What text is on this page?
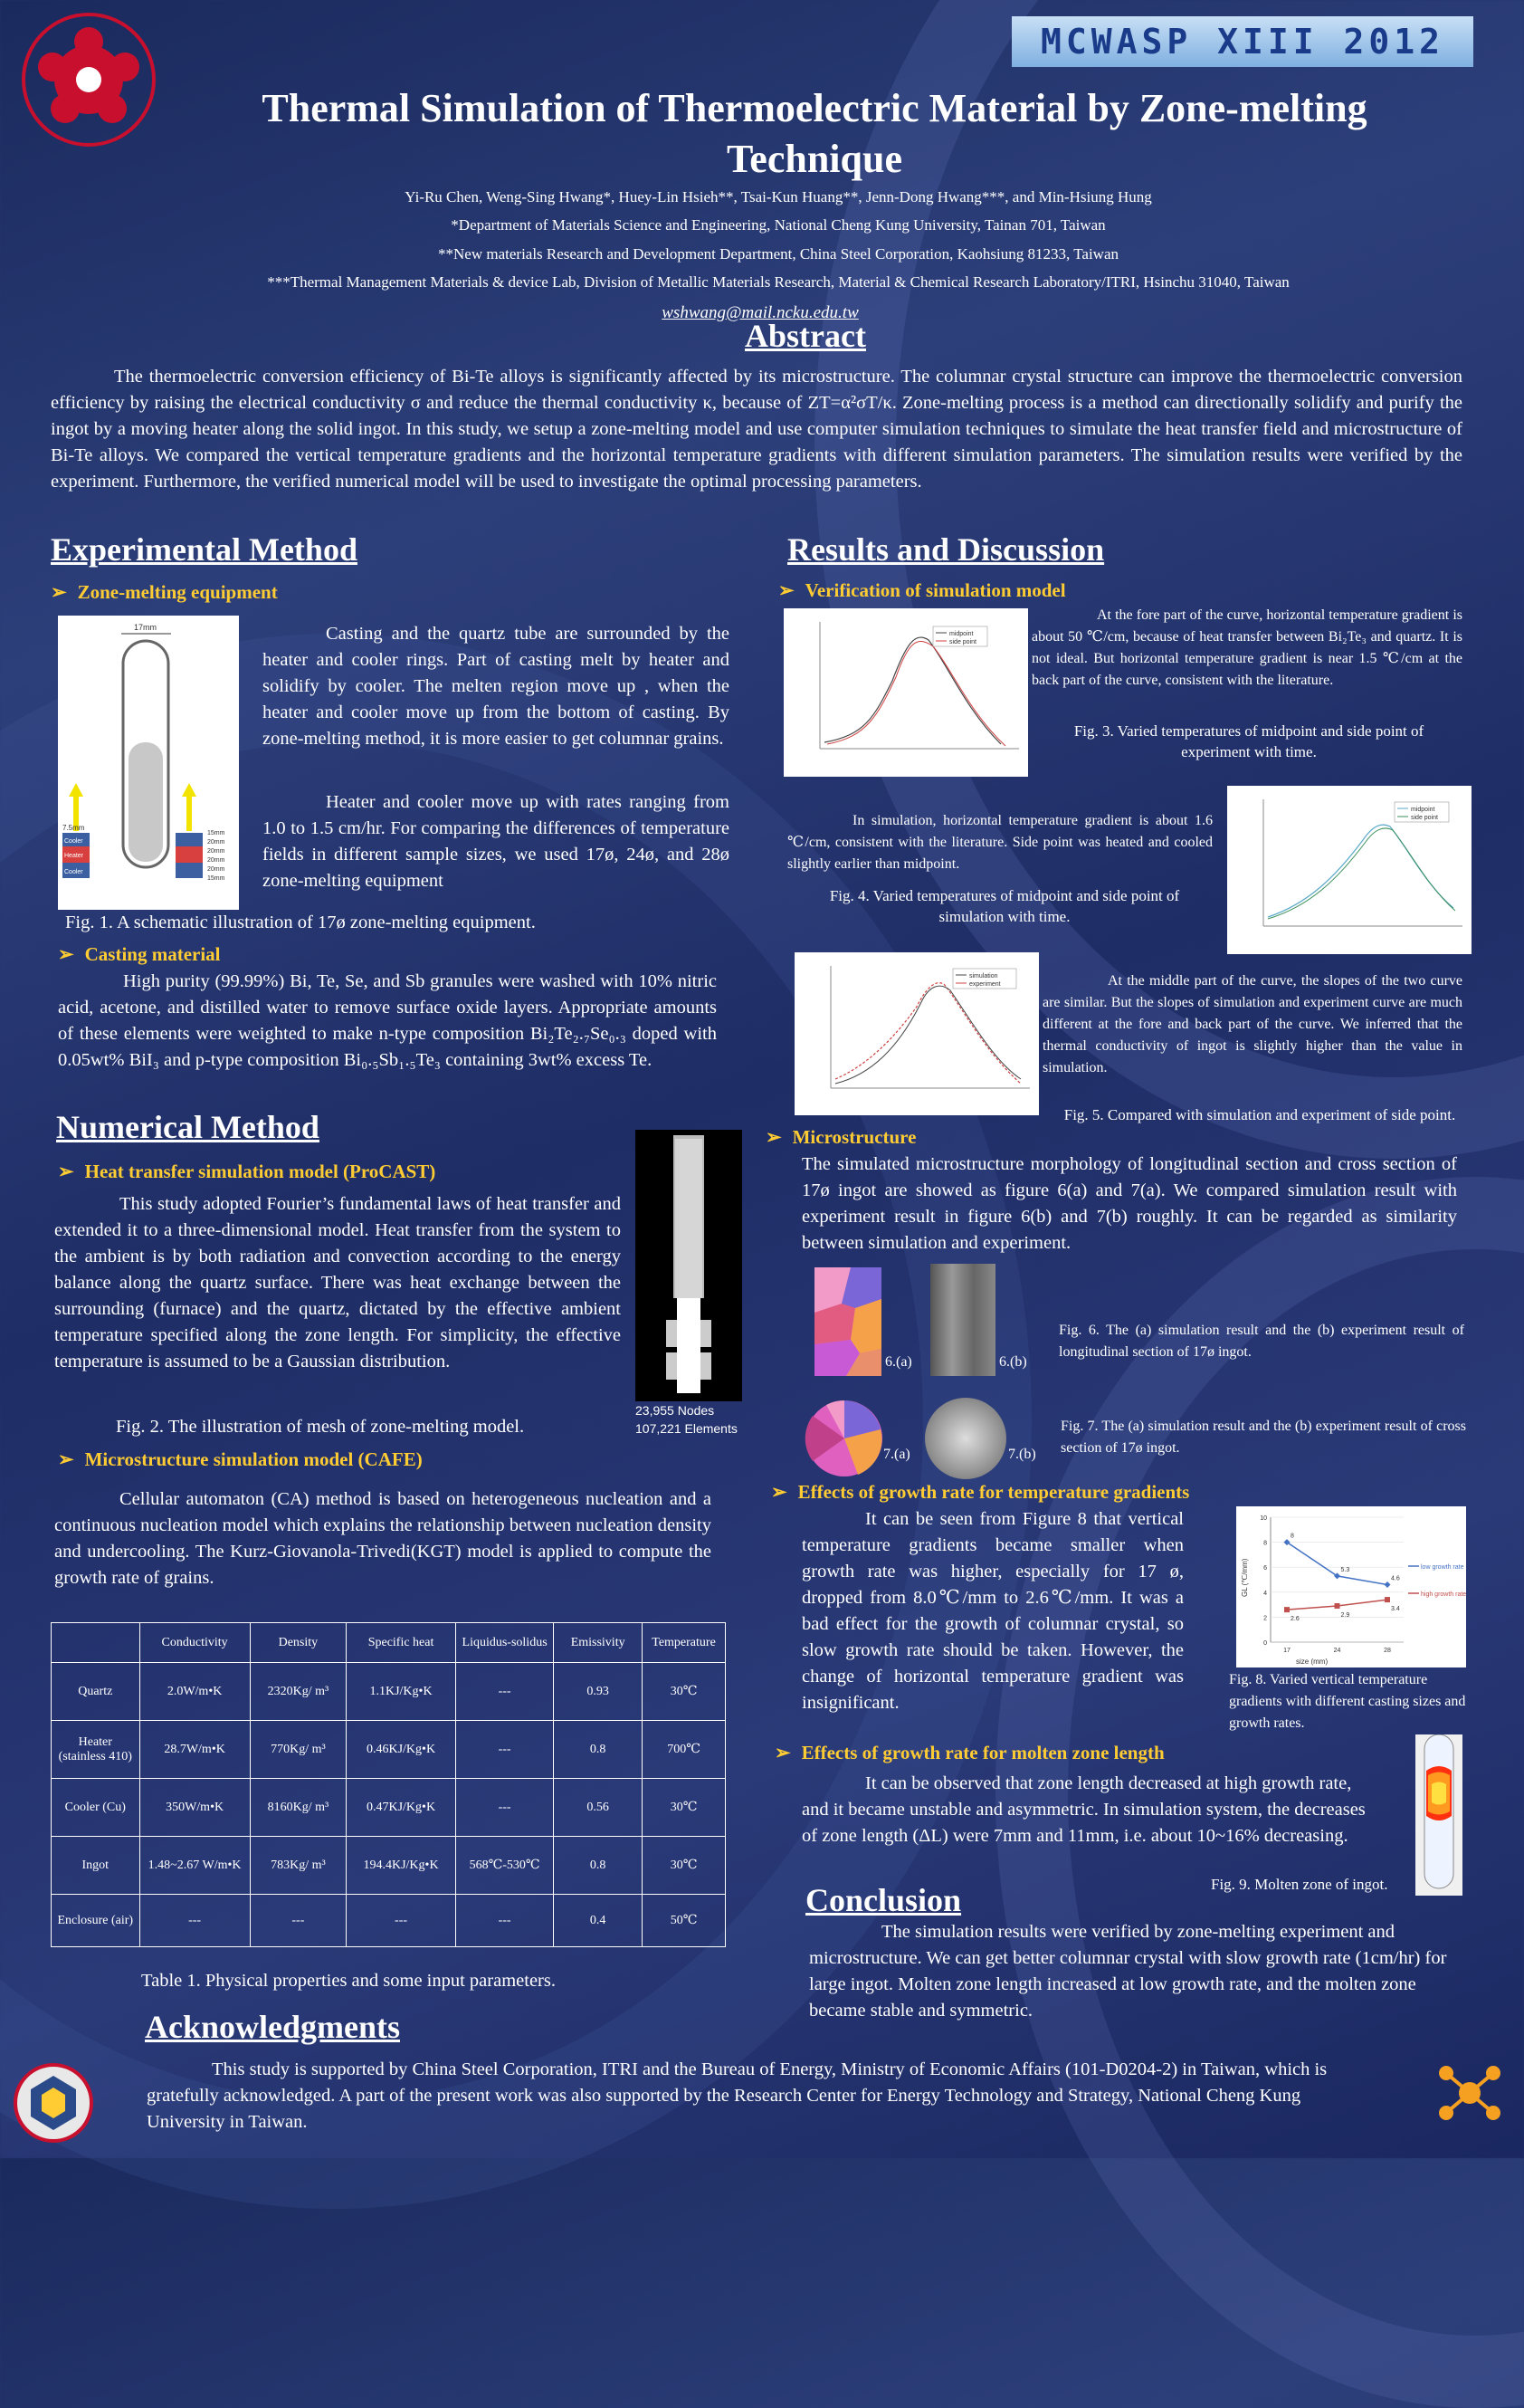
MCWASP XIII 2012
Thermal Simulation of Thermoelectric Material by Zone-melting
Technique
Yi-Ru Chen, Weng-Sing Hwang*, Huey-Lin Hsieh**, Tsai-Kun Huang**, Jenn-Dong Hwang***, and Min-Hsiung Hung
*Department of Materials Science and Engineering, National Cheng Kung University, Tainan 701, Taiwan
**New materials Research and Development Department, China Steel Corporation, Kaohsiung 81233, Taiwan
***Thermal Management Materials & device Lab, Division of Metallic Materials Research, Material & Chemical Research Laboratory/ITRI, Hsinchu 31040, Taiwan
wshwang@mail.ncku.edu.tw
Abstract
The thermoelectric conversion efficiency of Bi-Te alloys is significantly affected by its microstructure. The columnar crystal structure can improve the thermoelectric conversion efficiency by raising the electrical conductivity σ and reduce the thermal conductivity κ, because of ZT=α²σT/κ. Zone-melting process is a method can directionally solidify and purify the ingot by a moving heater along the solid ingot. In this study, we setup a zone-melting model and use computer simulation techniques to simulate the heat transfer field and microstructure of Bi-Te alloys. We compared the vertical temperature gradients and the horizontal temperature gradients with different simulation parameters. The simulation results were verified by the experiment. Furthermore, the verified numerical model will be used to investigate the optimal processing parameters.
Experimental Method
➢ Zone-melting equipment
17mm
7.5mm
Cooler
Heater
Cooler
15mm
20mm
20mm
20mm
20mm
15mm
Casting and the quartz tube are surrounded by the heater and cooler rings. Part of casting melt by heater and solidify by cooler. The melten region move up , when the heater and cooler move up from the bottom of casting. By zone-melting method, it is more easier to get columnar grains.
Heater and cooler move up with rates ranging from 1.0 to 1.5 cm/hr. For comparing the differences of temperature fields in different sample sizes, we used 17ø, 24ø, and 28ø zone-melting equipment
Fig. 1. A schematic illustration of 17ø zone-melting equipment.
➢ Casting material
High purity (99.99%) Bi, Te, Se, and Sb granules were washed with 10% nitric acid, acetone, and distilled water to remove surface oxide layers. Appropriate amounts of these elements were weighted to make n-type composition Bi₂Te₂.₇Se₀.₃ doped with 0.05wt% BiI₃ and p-type composition Bi₀.₅Sb₁.₅Te₃ containing 3wt% excess Te.
Numerical Method
➢ Heat transfer simulation model (ProCAST)
This study adopted Fourier’s fundamental laws of heat transfer and extended it to a three-dimensional model. Heat transfer from the system to the ambient is by both radiation and convection according to the energy balance along the quartz surface. There was heat exchange between the surrounding (furnace) and the quartz, dictated by the effective ambient temperature specified along the zone length. For simplicity, the effective temperature is assumed to be a Gaussian distribution.
Fig. 2. The illustration of mesh of zone-melting model.
23,955 Nodes
107,221 Elements
➢ Microstructure simulation model (CAFE)
Cellular automaton (CA) method is based on heterogeneous nucleation and a continuous nucleation model which explains the relationship between nucleation density and undercooling. The Kurz-Giovanola-Trivedi(KGT) model is applied to compute the growth rate of grains.
	Conductivity	Density	Specific heat	Liquidus-solidus	Emissivity	Temperature
Quartz	2.0W/m•K	2320Kg/ m³	1.1KJ/Kg•K	---	0.93	30℃
Heater (stainless 410)	28.7W/m•K	770Kg/ m³	0.46KJ/Kg•K	---	0.8	700℃
Cooler (Cu)	350W/m•K	8160Kg/ m³	0.47KJ/Kg•K	---	0.56	30℃
Ingot	1.48~2.67 W/m•K	783Kg/ m³	194.4KJ/Kg•K	568℃-530℃	0.8	30℃
Enclosure (air)	---	---	---	---	0.4	50℃
Table 1. Physical properties and some input parameters.
Results and Discussion
➢ Verification of simulation model
midpoint
side point
At the fore part of the curve, horizontal temperature gradient is about 50 ℃/cm, because of heat transfer between Bi₂Te₃ and quartz. It is not ideal. But horizontal temperature gradient is near 1.5 ℃/cm at the back part of the curve, consistent with the literature.
Fig. 3. Varied temperatures of midpoint and side point of experiment with time.
In simulation, horizontal temperature gradient is about 1.6 ℃/cm, consistent with the literature. Side point was heated and cooled slightly earlier than midpoint.
Fig. 4. Varied temperatures of midpoint and side point of simulation with time.
midpoint
side point
simulation
experiment	At the middle part of the curve, the slopes of the two curve are similar. But the slopes of simulation and experiment curve are much different at the fore and back part of the curve. We inferred that the thermal conductivity of ingot is slightly higher than the value in simulation.
Fig. 5. Compared with simulation and experiment of side point.
➢ Microstructure
The simulated microstructure morphology of longitudinal section and cross section of 17ø ingot are showed as figure 6(a) and 7(a). We compared simulation result with experiment result in figure 6(b) and 7(b) roughly. It can be regarded as similarity between simulation and experiment.
6.(a)	6.(b)
Fig. 6. The (a) simulation result and the (b) experiment result of longitudinal section of 17ø ingot.
7.(a)	7.(b)
Fig. 7. The (a) simulation result and the (b) experiment result of cross section of 17ø ingot.
➢ Effects of growth rate for temperature gradients
It can be seen from Figure 8 that vertical temperature gradients became smaller when growth rate was higher, especially for 17 ø, dropped from 8.0℃/mm to 2.6℃/mm. It was a bad effect for the growth of columnar crystal, so slow growth rate should be taken. However, the change of horizontal temperature gradient was insignificant.
0
2
4
6
8
10
17	24	28
8
5.3
4.6
2.6
2.9
3.4
size (mm)
GL (℃/mm)	low growth rate
high growth rate
Fig. 8. Varied vertical temperature gradients with different casting sizes and growth rates.
➢ Effects of growth rate for molten zone length
It can be observed that zone length decreased at high growth rate, and it became unstable and asymmetric. In simulation system, the decreases of zone length (ΔL) were 7mm and 11mm, i.e. about 10~16% decreasing.
Fig. 9. Molten zone of ingot.
Conclusion
The simulation results were verified by zone-melting experiment and microstructure. We can get better columnar crystal with slow growth rate (1cm/hr) for large ingot. Molten zone length increased at low growth rate, and the molten zone became stable and symmetric.
Acknowledgments
This study is supported by China Steel Corporation, ITRI and the Bureau of Energy, Ministry of Economic Affairs (101-D0204-2) in Taiwan, which is gratefully acknowledged. A part of the present work was also supported by the Research Center for Energy Technology and Strategy, National Cheng Kung University in Taiwan.
